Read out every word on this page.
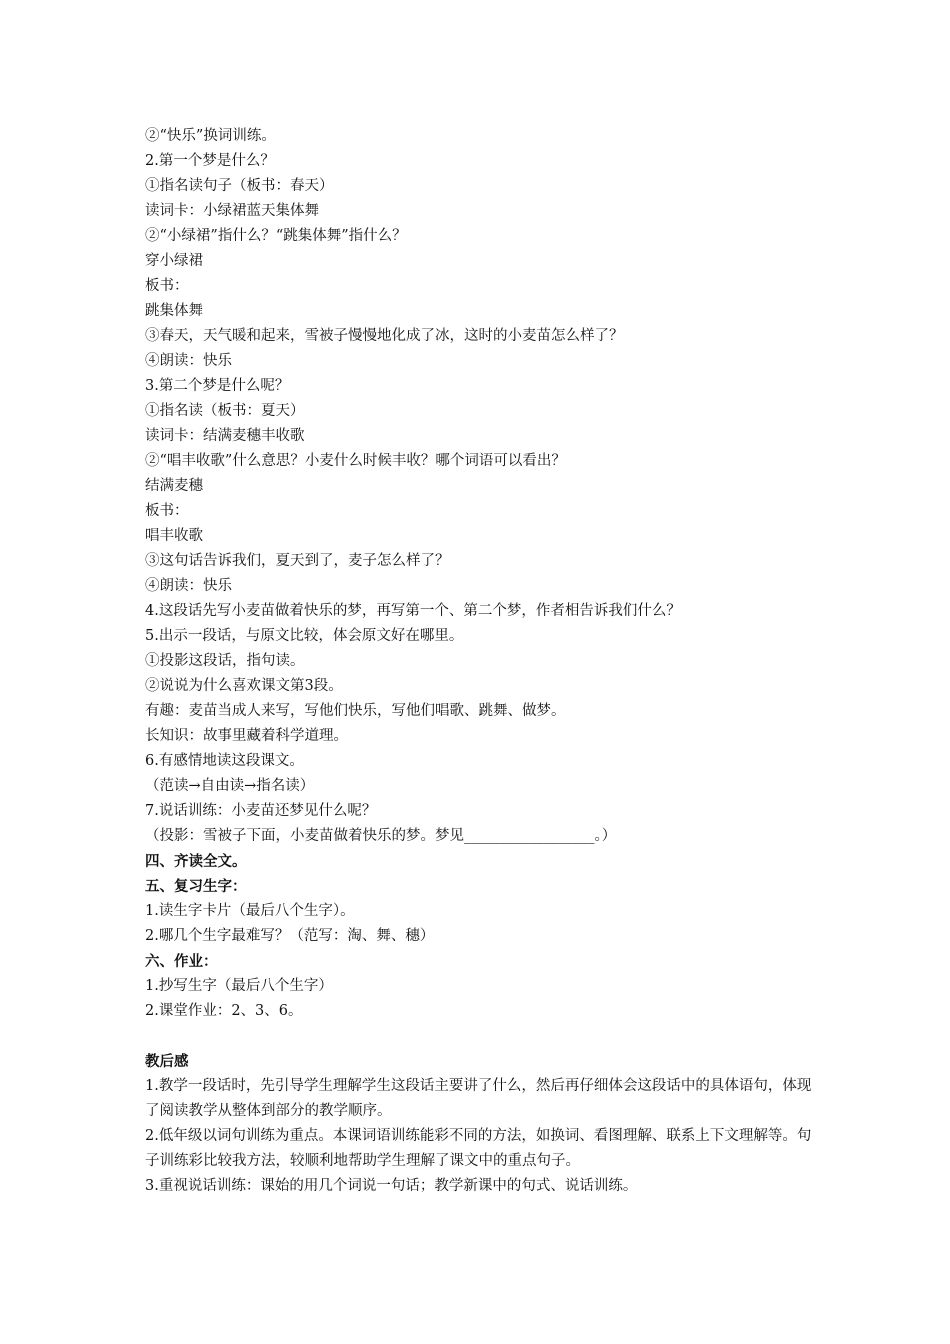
②“快乐”换词训练。
2.第一个梦是什么？
①指名读句子（板书：春天）
读词卡：小绿裙蓝天集体舞
②“小绿裙”指什么？“跳集体舞”指什么？
穿小绿裙
板书：
跳集体舞
③春天，天气暖和起来，雪被子慢慢地化成了冰，这时的小麦苗怎么样了？
④朗读：快乐
3.第二个梦是什么呢？
①指名读（板书：夏天）
读词卡：结满麦穗丰收歌
②“唱丰收歌”什么意思？小麦什么时候丰收？哪个词语可以看出？
结满麦穗
板书：
唱丰收歌
③这句话告诉我们，夏天到了，麦子怎么样了？
④朗读：快乐
4.这段话先写小麦苗做着快乐的梦，再写第一个、第二个梦，作者相告诉我们什么？
5.出示一段话，与原文比较，体会原文好在哪里。
①投影这段话，指句读。
②说说为什么喜欢课文第3段。
有趣：麦苗当成人来写，写他们快乐，写他们唱歌、跳舞、做梦。
长知识：故事里藏着科学道理。
6.有感情地读这段课文。
（范读→自由读→指名读）
7.说话训练：小麦苗还梦见什么呢？
（投影：雪被子下面，小麦苗做着快乐的梦。梦见__________________。）
四、齐读全文。
五、复习生字：
1.读生字卡片（最后八个生字）。
2.哪几个生字最难写？（范写：淘、舞、穗）
六、作业：
1.抄写生字（最后八个生字）
2.课堂作业：2、3、6。
教后感
1.教学一段话时，先引导学生理解学生这段话主要讲了什么，然后再仔细体会这段话中的具体语句，体现了阅读教学从整体到部分的教学顺序。
2.低年级以词句训练为重点。本课词语训练能彩不同的方法，如换词、看图理解、联系上下文理解等。句子训练彩比较我方法，较顺利地帮助学生理解了课文中的重点句子。
3.重视说话训练：课始的用几个词说一句话；教学新课中的句式、说话训练。
